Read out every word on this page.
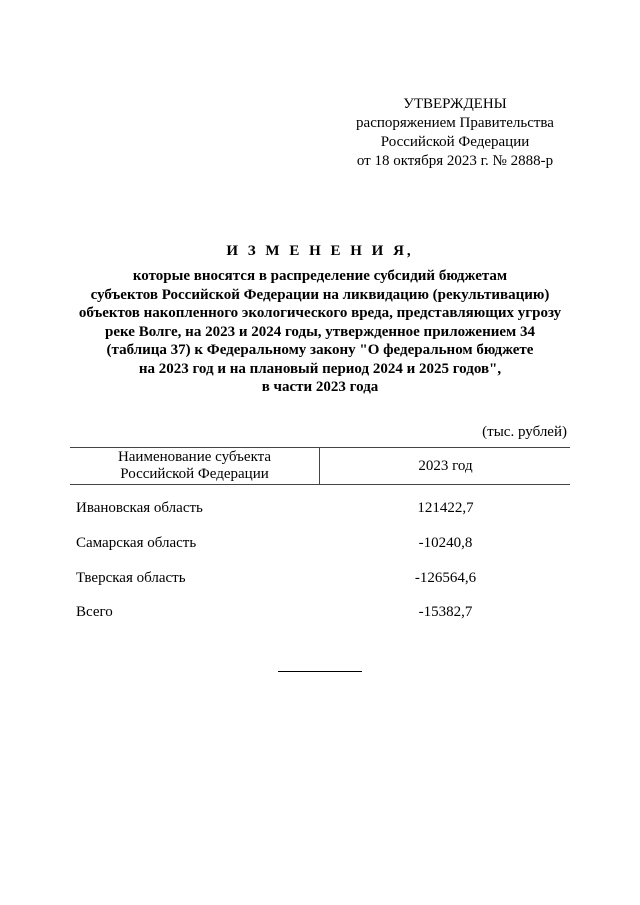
УТВЕРЖДЕНЫ
распоряжением Правительства
Российской Федерации
от 18 октября 2023 г. № 2888-р
И З М Е Н Е Н И Я,
которые вносятся в распределение субсидий бюджетам
субъектов Российской Федерации на ликвидацию (рекультивацию)
объектов накопленного экологического вреда, представляющих угрозу
реке Волге, на 2023 и 2024 годы, утвержденное приложением 34
(таблица 37) к Федеральному закону "О федеральном бюджете
на 2023 год и на плановый период 2024 и 2025 годов",
в части 2023 года
(тыс. рублей)
Наименование субъекта
Российской Федерации	2023 год
Ивановская область	121422,7
Самарская область	-10240,8
Тверская область	-126564,6
Всего	-15382,7
